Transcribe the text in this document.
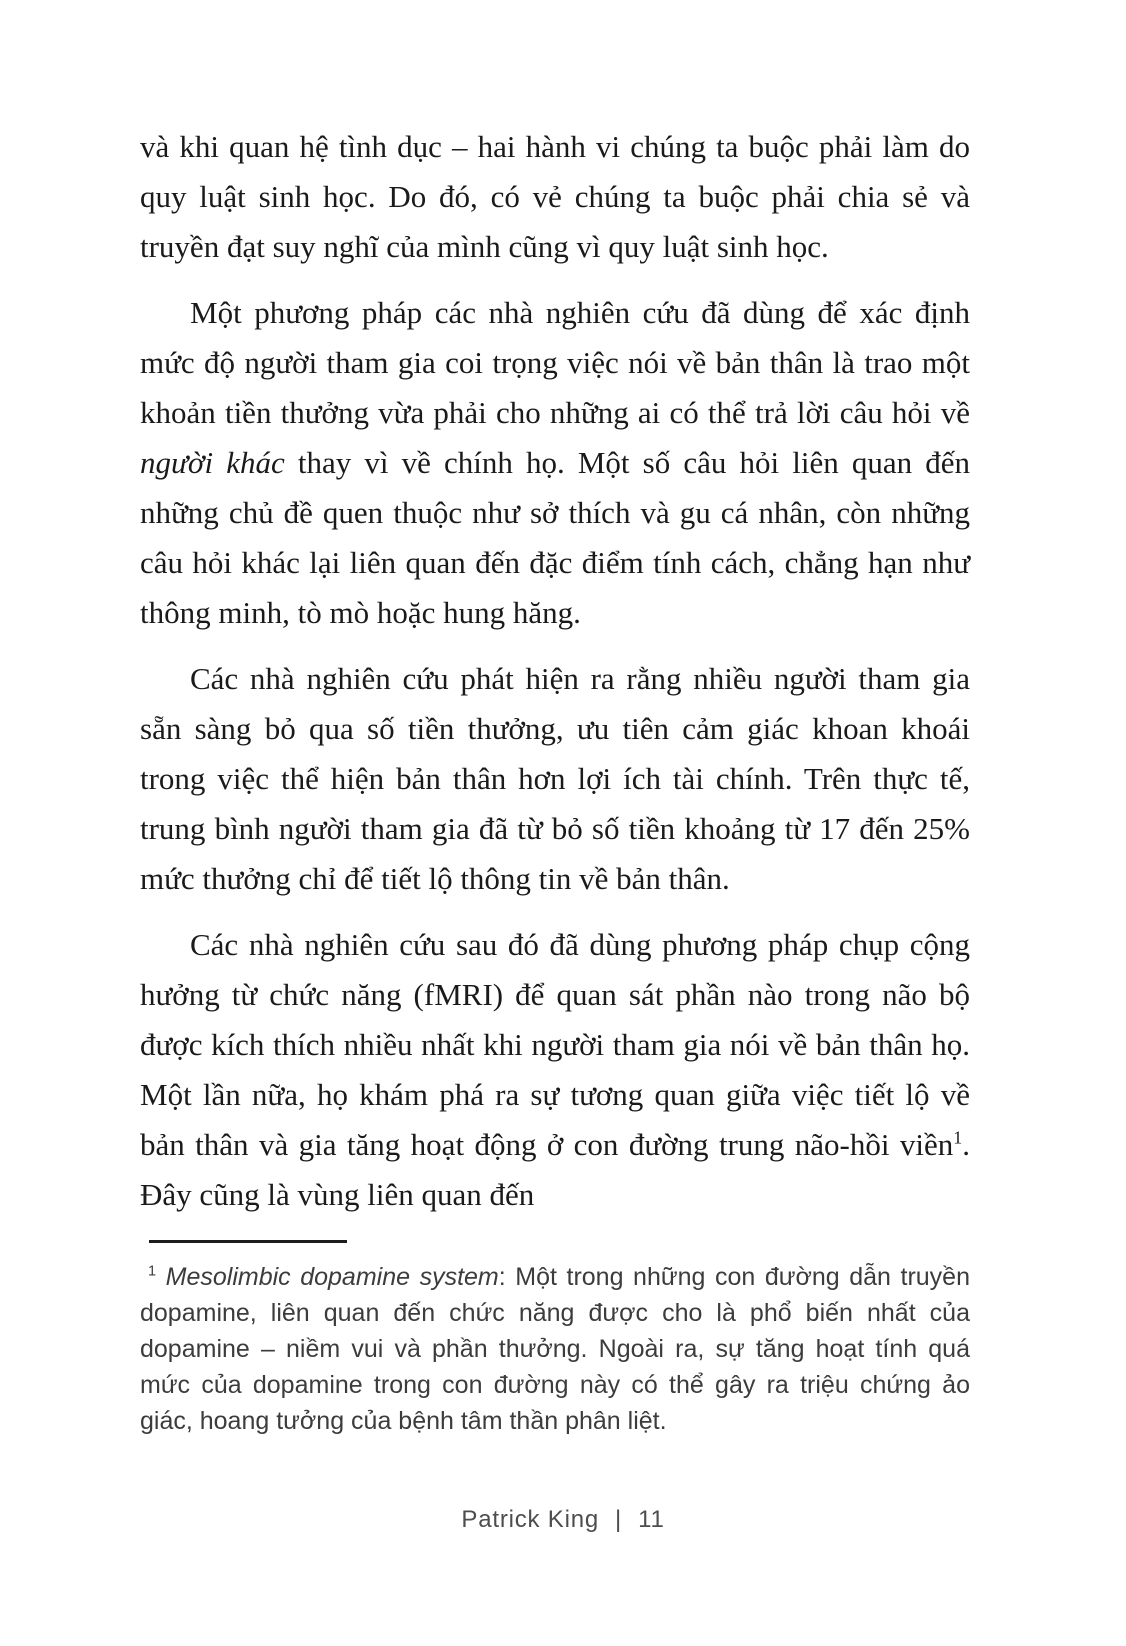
và khi quan hệ tình dục – hai hành vi chúng ta buộc phải làm do quy luật sinh học. Do đó, có vẻ chúng ta buộc phải chia sẻ và truyền đạt suy nghĩ của mình cũng vì quy luật sinh học.

Một phương pháp các nhà nghiên cứu đã dùng để xác định mức độ người tham gia coi trọng việc nói về bản thân là trao một khoản tiền thưởng vừa phải cho những ai có thể trả lời câu hỏi về người khác thay vì về chính họ. Một số câu hỏi liên quan đến những chủ đề quen thuộc như sở thích và gu cá nhân, còn những câu hỏi khác lại liên quan đến đặc điểm tính cách, chẳng hạn như thông minh, tò mò hoặc hung hăng.

Các nhà nghiên cứu phát hiện ra rằng nhiều người tham gia sẵn sàng bỏ qua số tiền thưởng, ưu tiên cảm giác khoan khoái trong việc thể hiện bản thân hơn lợi ích tài chính. Trên thực tế, trung bình người tham gia đã từ bỏ số tiền khoảng từ 17 đến 25% mức thưởng chỉ để tiết lộ thông tin về bản thân.

Các nhà nghiên cứu sau đó đã dùng phương pháp chụp cộng hưởng từ chức năng (fMRI) để quan sát phần nào trong não bộ được kích thích nhiều nhất khi người tham gia nói về bản thân họ. Một lần nữa, họ khám phá ra sự tương quan giữa việc tiết lộ về bản thân và gia tăng hoạt động ở con đường trung não-hồi viền$^1$. Đây cũng là vùng liên quan đến

$^1$ Mesolimbic dopamine system: Một trong những con đường dẫn truyền dopamine, liên quan đến chức năng được cho là phổ biến nhất của dopamine – niềm vui và phần thưởng. Ngoài ra, sự tăng hoạt tính quá mức của dopamine trong con đường này có thể gây ra triệu chứng ảo giác, hoang tưởng của bệnh tâm thần phân liệt.
Patrick King | 11
